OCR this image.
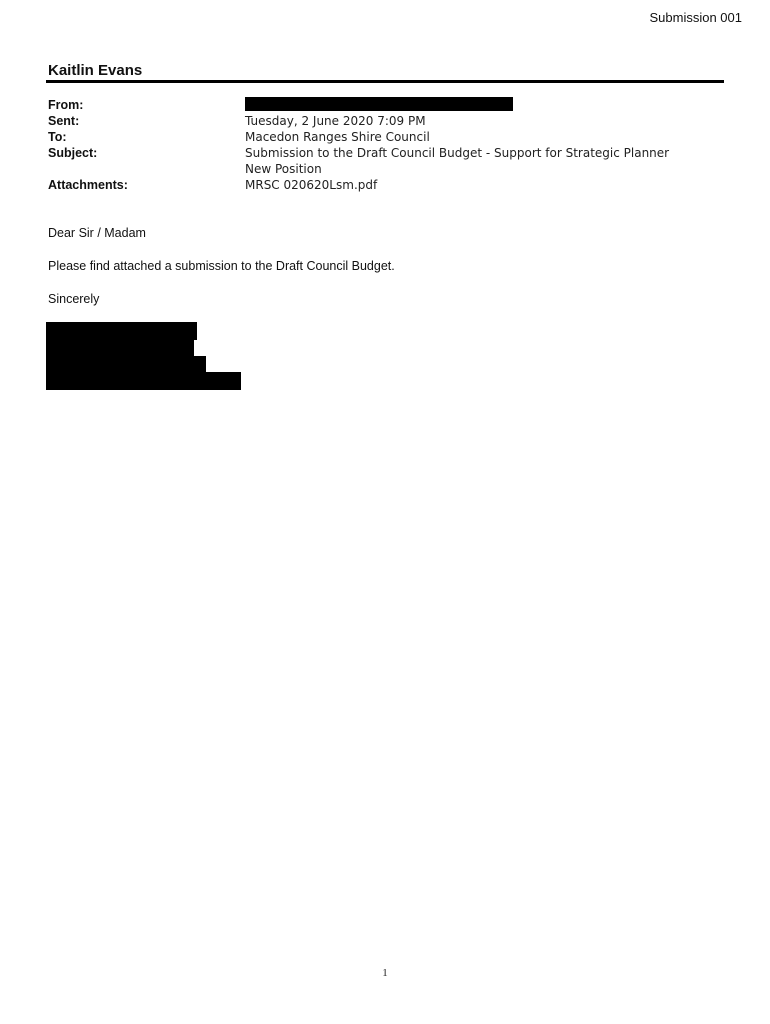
Submission 001
Kaitlin Evans
From:
Sent:	Tuesday, 2 June 2020 7:09 PM
To:	Macedon Ranges Shire Council
Subject:	Submission to the Draft Council Budget - Support for Strategic Planner New Position
Attachments:	MRSC 020620Lsm.pdf
Dear Sir / Madam
Please find attached a submission to the Draft Council Budget.
Sincerely
1
